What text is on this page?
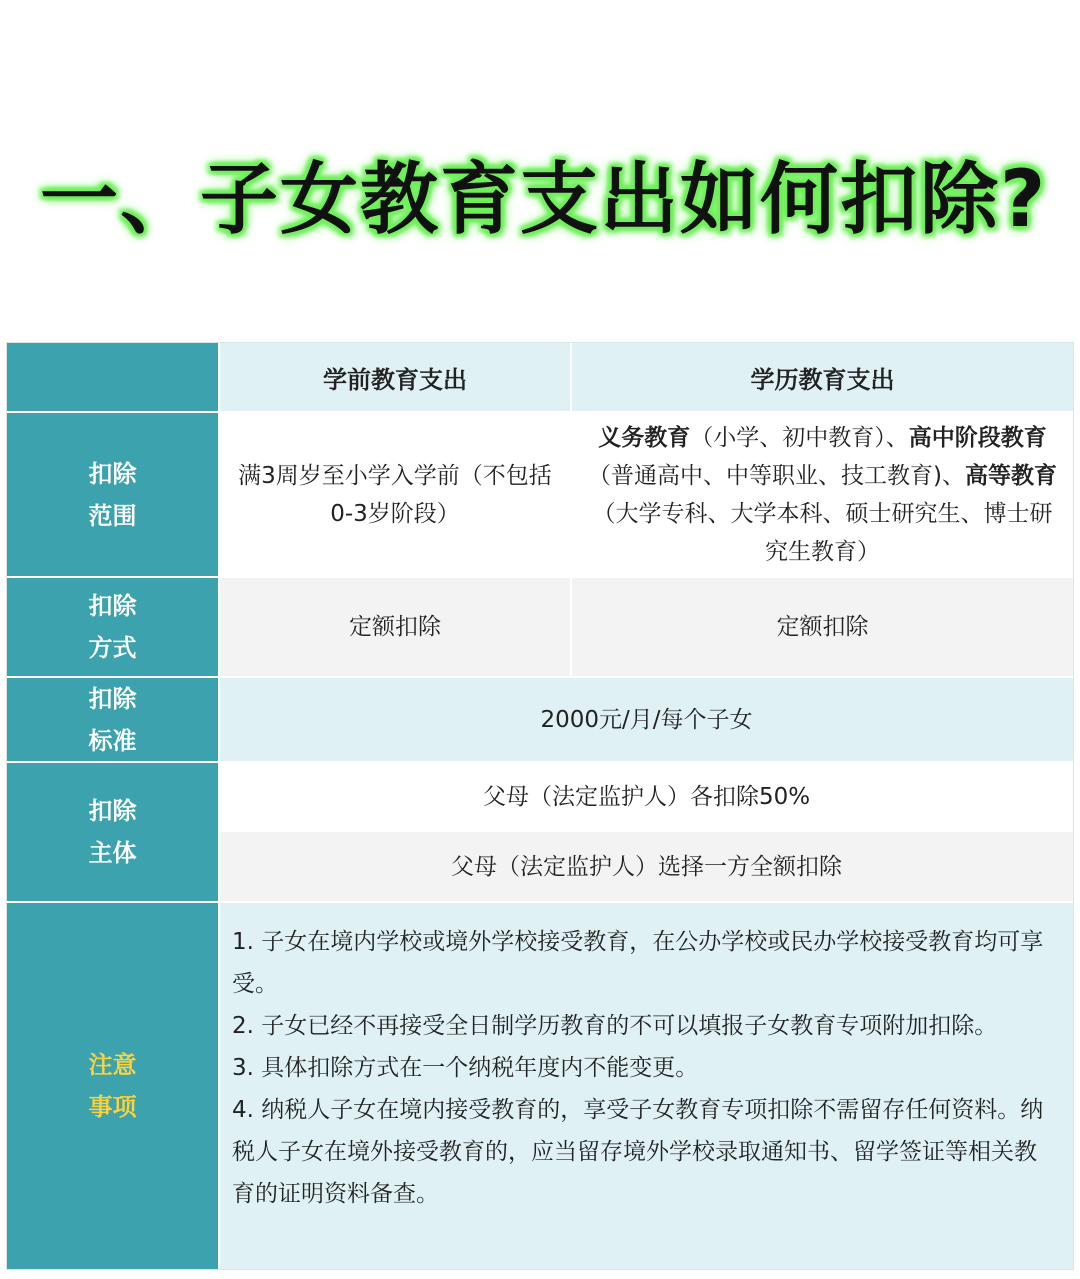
一、子女教育支出如何扣除?
学前教育支出	学历教育支出
扣除
范围
满3周岁至小学入学前（不包括0-3岁阶段）
义务教育（小学、初中教育）、高中阶段教育（普通高中、中等职业、技工教育)、高等教育（大学专科、大学本科、硕士研究生、博士研究生教育）
扣除
方式
定额扣除	定额扣除
扣除
标准
2000元/月/每个子女
扣除
主体
父母（法定监护人）各扣除50%
父母（法定监护人）选择一方全额扣除
注意
事项
1. 子女在境内学校或境外学校接受教育，在公办学校或民办学校接受教育均可享受。
2. 子女已经不再接受全日制学历教育的不可以填报子女教育专项附加扣除。
3. 具体扣除方式在一个纳税年度内不能变更。
4. 纳税人子女在境内接受教育的，享受子女教育专项扣除不需留存任何资料。纳税人子女在境外接受教育的，应当留存境外学校录取通知书、留学签证等相关教育的证明资料备查。
